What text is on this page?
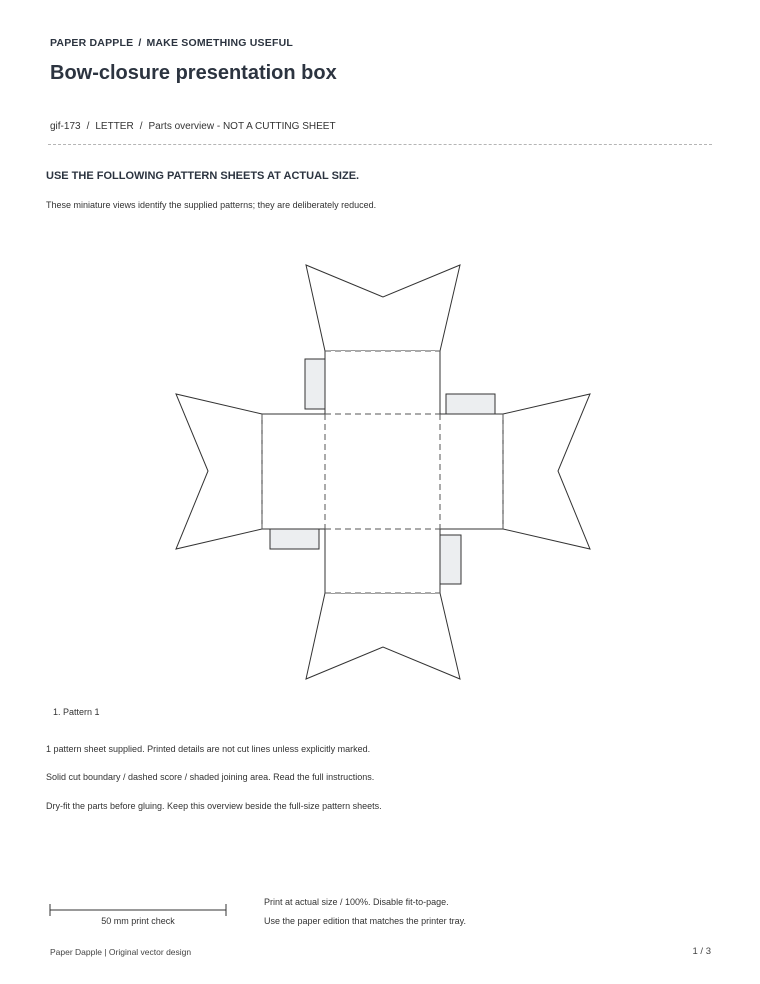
PAPER DAPPLE / MAKE SOMETHING USEFUL
Bow-closure presentation box
gif-173 / LETTER / Parts overview - NOT A CUTTING SHEET
USE THE FOLLOWING PATTERN SHEETS AT ACTUAL SIZE.
These miniature views identify the supplied patterns; they are deliberately reduced.
1. Pattern 1

1 pattern sheet supplied. Printed details are not cut lines unless explicitly marked.

Solid cut boundary / dashed score / shaded joining area. Read the full instructions.

Dry-fit the parts before gluing. Keep this overview beside the full-size pattern sheets.

50 mm print check
Print at actual size / 100%. Disable fit-to-page.
Use the paper edition that matches the printer tray.
Paper Dapple | Original vector design	1 / 3
